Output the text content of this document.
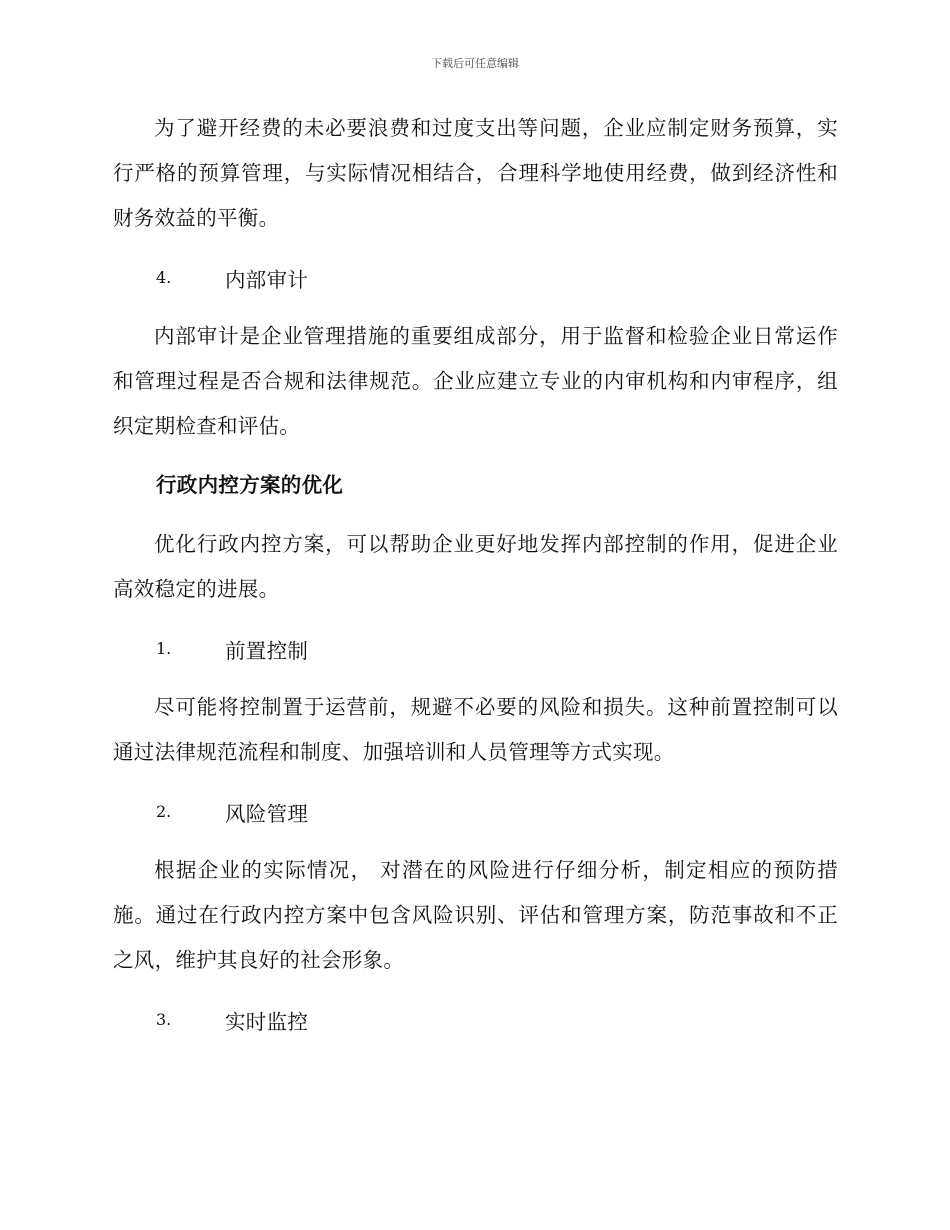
下载后可任意编辑

为了避开经费的未必要浪费和过度支出等问题，企业应制定财务预算，实行严格的预算管理，与实际情况相结合，合理科学地使用经费，做到经济性和财务效益的平衡。

4.	内部审计

内部审计是企业管理措施的重要组成部分，用于监督和检验企业日常运作和管理过程是否合规和法律规范。企业应建立专业的内审机构和内审程序，组织定期检查和评估。

行政内控方案的优化

优化行政内控方案，可以帮助企业更好地发挥内部控制的作用，促进企业高效稳定的进展。

1.	前置控制

尽可能将控制置于运营前，规避不必要的风险和损失。这种前置控制可以通过法律规范流程和制度、加强培训和人员管理等方式实现。

2.	风险管理

根据企业的实际情况， 对潜在的风险进行仔细分析，制定相应的预防措施。通过在行政内控方案中包含风险识别、评估和管理方案，防范事故和不正之风，维护其良好的社会形象。

3.	实时监控
